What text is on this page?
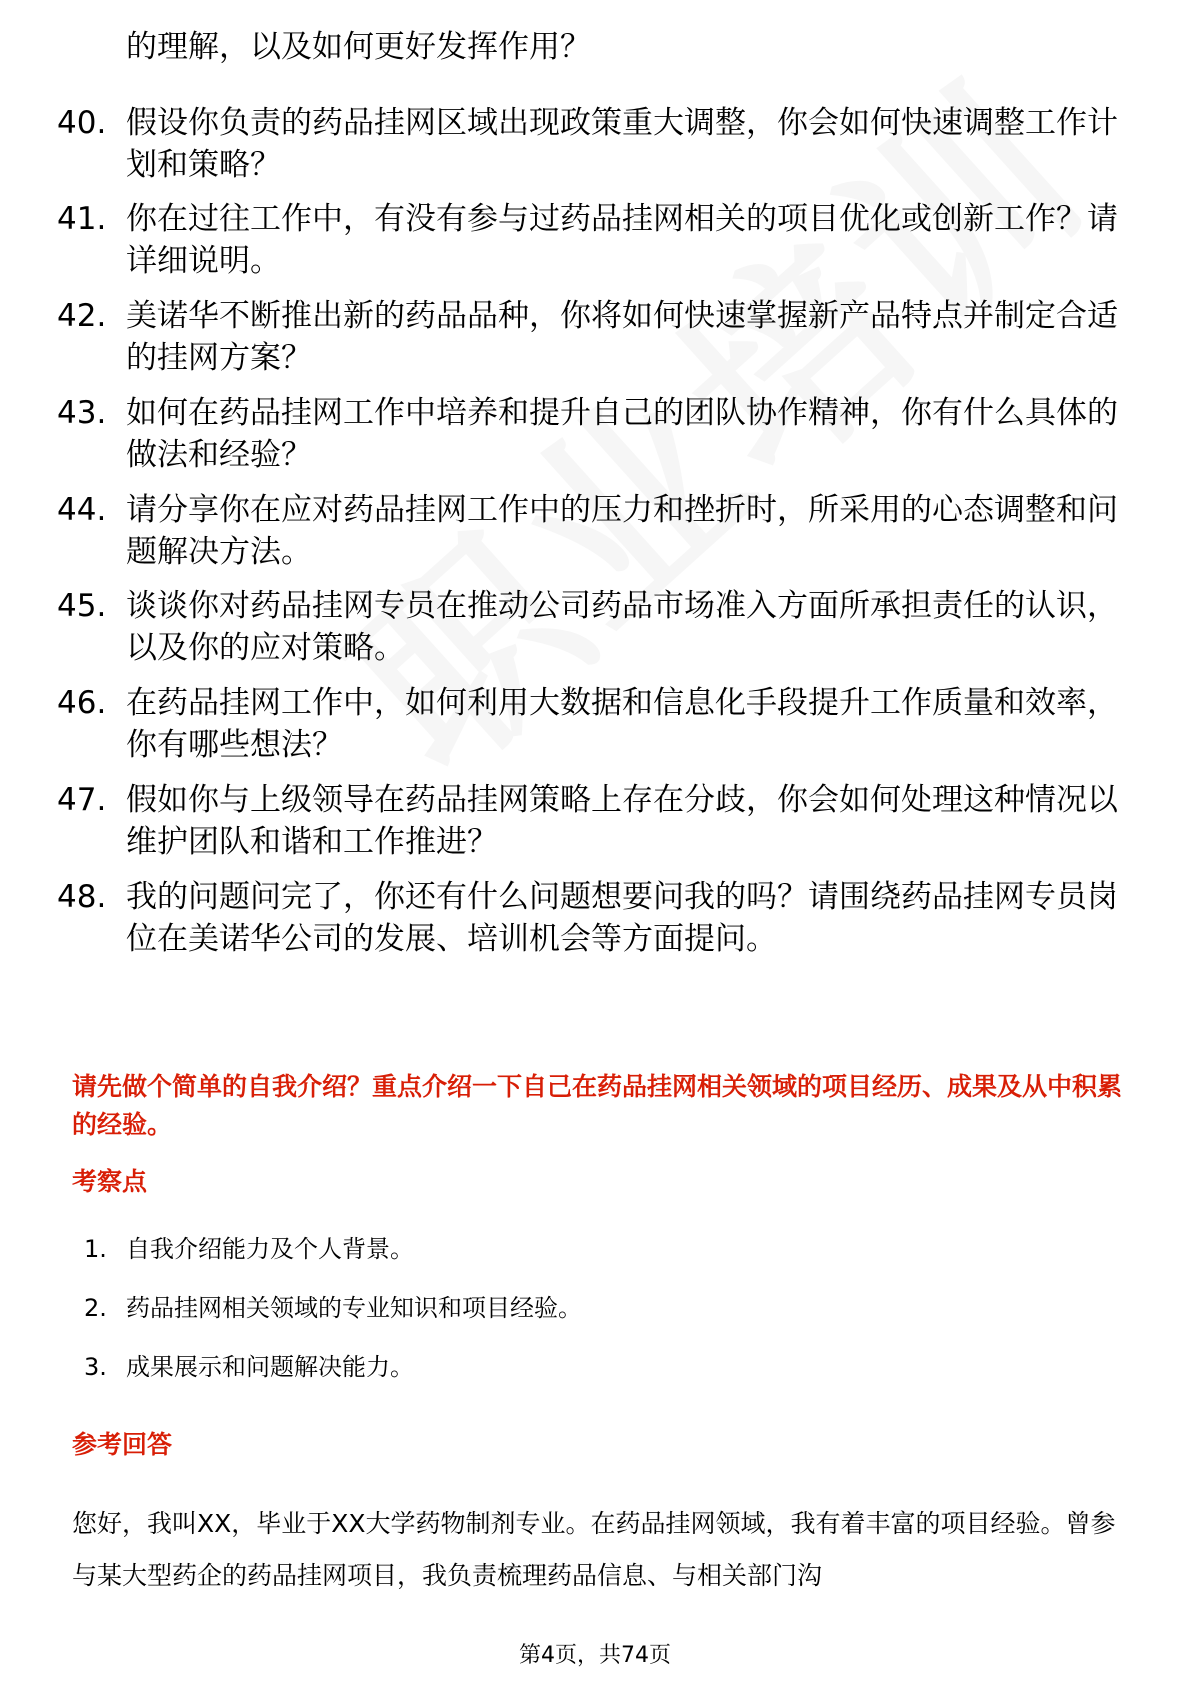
的理解，以及如何更好发挥作用？
40. 假设你负责的药品挂网区域出现政策重大调整，你会如何快速调整工作计划和策略？
41. 你在过往工作中，有没有参与过药品挂网相关的项目优化或创新工作？请详细说明。
42. 美诺华不断推出新的药品品种，你将如何快速掌握新产品特点并制定合适的挂网方案？
43. 如何在药品挂网工作中培养和提升自己的团队协作精神，你有什么具体的做法和经验？
44. 请分享你在应对药品挂网工作中的压力和挫折时，所采用的心态调整和问题解决方法。
45. 谈谈你对药品挂网专员在推动公司药品市场准入方面所承担责任的认识，以及你的应对策略。
46. 在药品挂网工作中，如何利用大数据和信息化手段提升工作质量和效率，你有哪些想法？
47. 假如你与上级领导在药品挂网策略上存在分歧，你会如何处理这种情况以维护团队和谐和工作推进？
48. 我的问题问完了，你还有什么问题想要问我的吗？请围绕药品挂网专员岗位在美诺华公司的发展、培训机会等方面提问。
请先做个简单的自我介绍？重点介绍一下自己在药品挂网相关领域的项目经历、成果及从中积累的经验。
考察点
1. 自我介绍能力及个人背景。
2. 药品挂网相关领域的专业知识和项目经验。
3. 成果展示和问题解决能力。
参考回答
您好，我叫XX，毕业于XX大学药物制剂专业。在药品挂网领域，我有着丰富的项目经验。曾参与某大型药企的药品挂网项目，我负责梳理药品信息、与相关部门沟
第4页，共74页
